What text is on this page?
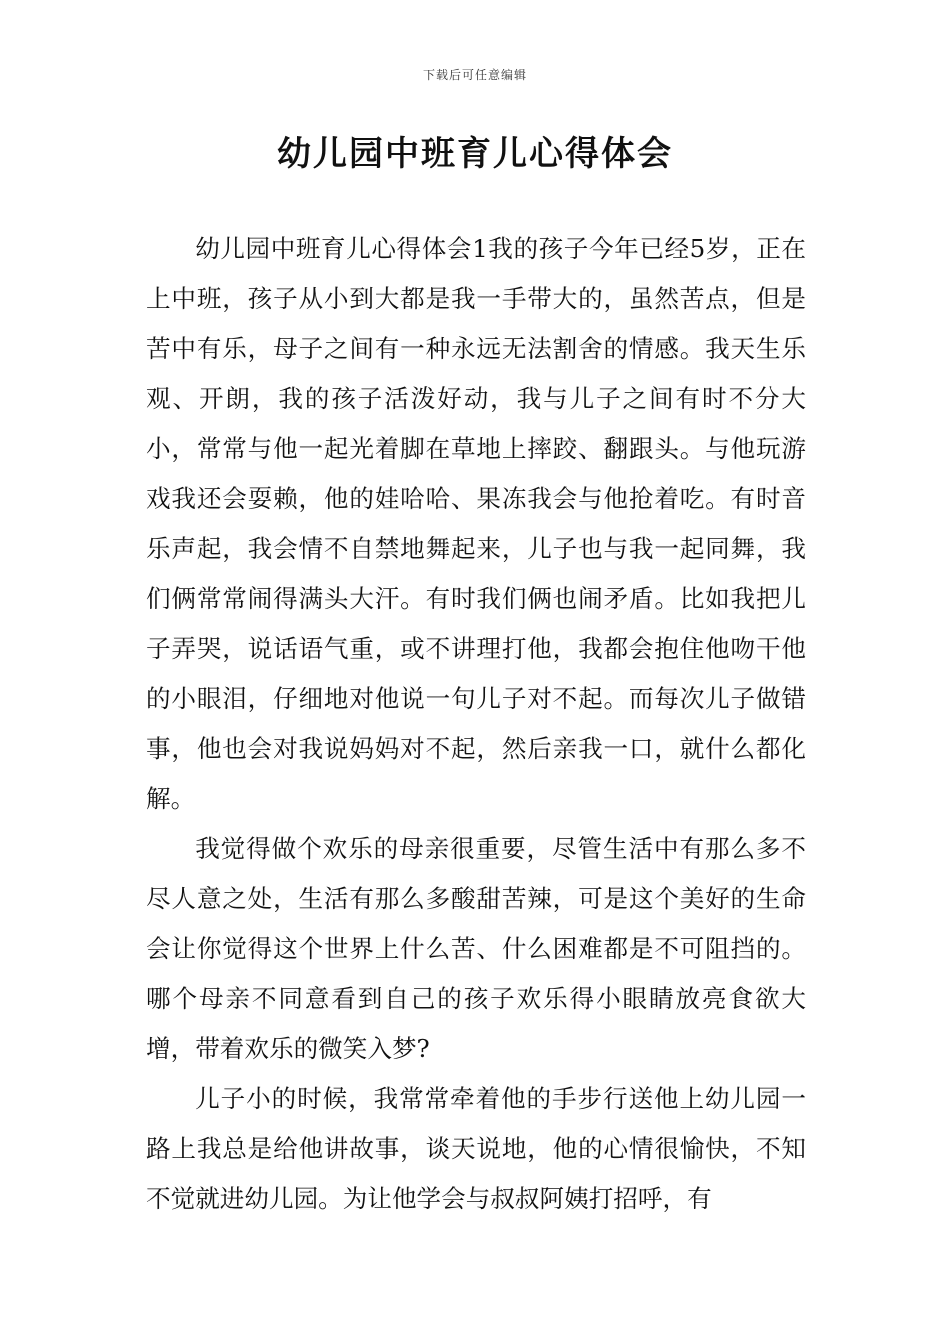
下载后可任意编辑
幼儿园中班育儿心得体会

幼儿园中班育儿心得体会1我的孩子今年已经5岁，正在上中班，孩子从小到大都是我一手带大的，虽然苦点，但是苦中有乐，母子之间有一种永远无法割舍的情感。我天生乐观、开朗，我的孩子活泼好动，我与儿子之间有时不分大小，常常与他一起光着脚在草地上摔跤、翻跟头。与他玩游戏我还会耍赖，他的娃哈哈、果冻我会与他抢着吃。有时音乐声起，我会情不自禁地舞起来，儿子也与我一起同舞，我们俩常常闹得满头大汗。有时我们俩也闹矛盾。比如我把儿子弄哭，说话语气重，或不讲理打他，我都会抱住他吻干他的小眼泪，仔细地对他说一句儿子对不起。而每次儿子做错事，他也会对我说妈妈对不起，然后亲我一口，就什么都化解。

我觉得做个欢乐的母亲很重要，尽管生活中有那么多不尽人意之处，生活有那么多酸甜苦辣，可是这个美好的生命会让你觉得这个世界上什么苦、什么困难都是不可阻挡的。哪个母亲不同意看到自己的孩子欢乐得小眼睛放亮食欲大增，带着欢乐的微笑入梦?

儿子小的时候，我常常牵着他的手步行送他上幼儿园一路上我总是给他讲故事，谈天说地，他的心情很愉快，不知不觉就进幼儿园。为让他学会与叔叔阿姨打招呼，有
